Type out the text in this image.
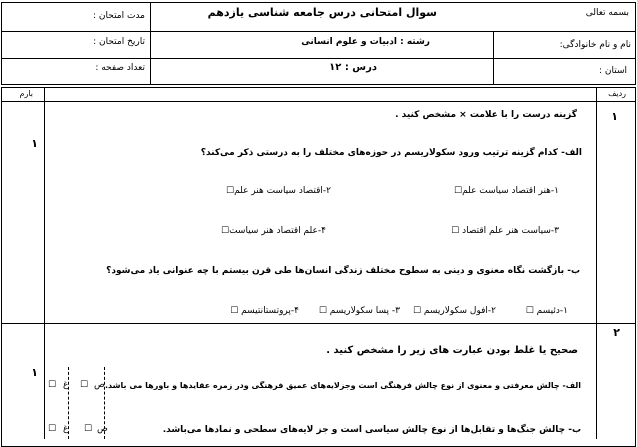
بسمه تعالی
سوال امتحانی درس جامعه شناسی یازدهم
مدت امتحان :
نام و نام خانوادگی:
رشته : ادبیات و علوم انسانی
تاریخ امتحان :
استان :
درس : ۱۲
تعداد صفحه :
ردیف
بارم
۱
۱
گزینه درست را با علامت × مشخص کنید .
الف- کدام گزینه ترتیب ورود سکولاریسم در حوزه‌های مختلف را به درستی ذکر می‌کند؟
۱-هنر اقتصاد سیاست علم☐
۲-اقتصاد سیاست هنر علم☐
۳-سیاست هنر علم اقتصاد ☐
۴-علم اقتصاد هنر سیاست☐
ب- بازگشت نگاه معنوی و دینی به سطوح مختلف زندگی انسان‌ها طی قرن بیستم با چه عنوانی یاد می‌شود؟
۱-دئیسم ☐
۲-افول سکولاریسم ☐
۳- پسا سکولاریسم ☐
۴-پروتستانتیسم ☐
۲
۱
صحیح یا غلط بودن عبارت های زیر را مشخص کنید .
الف- چالش معرفتی و معنوی از نوع چالش فرهنگی است وجزلایه‌های عمیق فرهنگی ودر زمره عقایدها و باورها می باشد.
ص
☐
غ
☐
ب- چالش جنگ‌ها و تقابل‌ها از نوع چالش سیاسی است و جز لایه‌های سطحی و نمادها می‌باشد.
ص
☐
غ
☐
